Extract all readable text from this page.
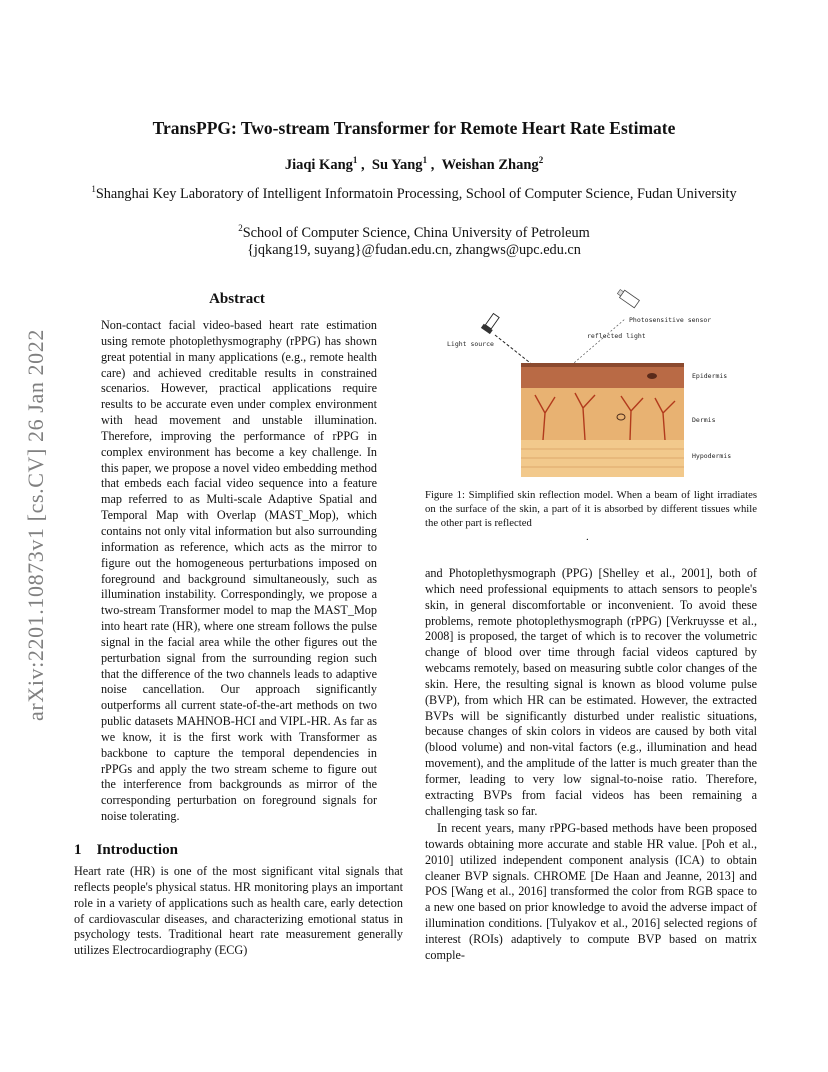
TransPPG: Two-stream Transformer for Remote Heart Rate Estimate
Jiaqi Kang$^1$ ,  Su Yang$^1$ ,  Weishan Zhang$^2$
$^1$Shanghai Key Laboratory of Intelligent Informatoin Processing, School of Computer Science, Fudan University
$^2$School of Computer Science, China University of Petroleum
{jqkang19, suyang}@fudan.edu.cn, zhangws@upc.edu.cn
arXiv:2201.10873v1 [cs.CV] 26 Jan 2022
Abstract
Non-contact facial video-based heart rate estimation using remote photoplethysmography (rPPG) has shown great potential in many applications (e.g., remote health care) and achieved creditable results in constrained scenarios. However, practical applications require results to be accurate even under complex environment with head movement and unstable illumination. Therefore, improving the performance of rPPG in complex environment has become a key challenge. In this paper, we propose a novel video embedding method that embeds each facial video sequence into a feature map referred to as Multi-scale Adaptive Spatial and Temporal Map with Overlap (MAST_Mop), which contains not only vital information but also surrounding information as reference, which acts as the mirror to figure out the homogeneous perturbations imposed on foreground and background simultaneously, such as illumination instability. Correspondingly, we propose a two-stream Transformer model to map the MAST_Mop into heart rate (HR), where one stream follows the pulse signal in the facial area while the other figures out the perturbation signal from the surrounding region such that the difference of the two channels leads to adaptive noise cancellation. Our approach significantly outperforms all current state-of-the-art methods on two public datasets MAHNOB-HCI and VIPL-HR. As far as we know, it is the first work with Transformer as backbone to capture the temporal dependencies in rPPGs and apply the two stream scheme to figure out the interference from backgrounds as mirror of the corresponding perturbation on foreground signals for noise tolerating.
1    Introduction
Heart rate (HR) is one of the most significant vital signals that reflects people's physical status. HR monitoring plays an important role in a variety of applications such as health care, early detection of cardiovascular diseases, and characterizing emotional status in psychology tests. Traditional heart rate measurement generally utilizes Electrocardiography (ECG)
Photosensitive sensor
Light source
reflected light
Epidermis
Dermis
Hypodermis
Figure 1: Simplified skin reflection model. When a beam of light irradiates on the surface of the skin, a part of it is absorbed by different tissues while the other part is reflected
.
and Photoplethysmograph (PPG) [Shelley et al., 2001], both of which need professional equipments to attach sensors to people's skin, in general discomfortable or inconvenient. To avoid these problems, remote photoplethysmograph (rPPG) [Verkruysse et al., 2008] is proposed, the target of which is to recover the volumetric change of blood over time through facial videos captured by webcams remotely, based on measuring subtle color changes of the skin. Here, the resulting signal is known as blood volume pulse (BVP), from which HR can be estimated. However, the extracted BVPs will be significantly disturbed under realistic situations, because changes of skin colors in videos are caused by both vital (blood volume) and non-vital factors (e.g., illumination and head movement), and the amplitude of the latter is much greater than the former, leading to very low signal-to-noise ratio. Therefore, extracting BVPs from facial videos has been remaining a challenging task so far.
In recent years, many rPPG-based methods have been proposed towards obtaining more accurate and stable HR value. [Poh et al., 2010] utilized independent component analysis (ICA) to obtain cleaner BVP signals. CHROME [De Haan and Jeanne, 2013] and POS [Wang et al., 2016] transformed the color from RGB space to a new one based on prior knowledge to avoid the adverse impact of illumination conditions. [Tulyakov et al., 2016] selected regions of interest (ROIs) adaptively to compute BVP based on matrix comple-
